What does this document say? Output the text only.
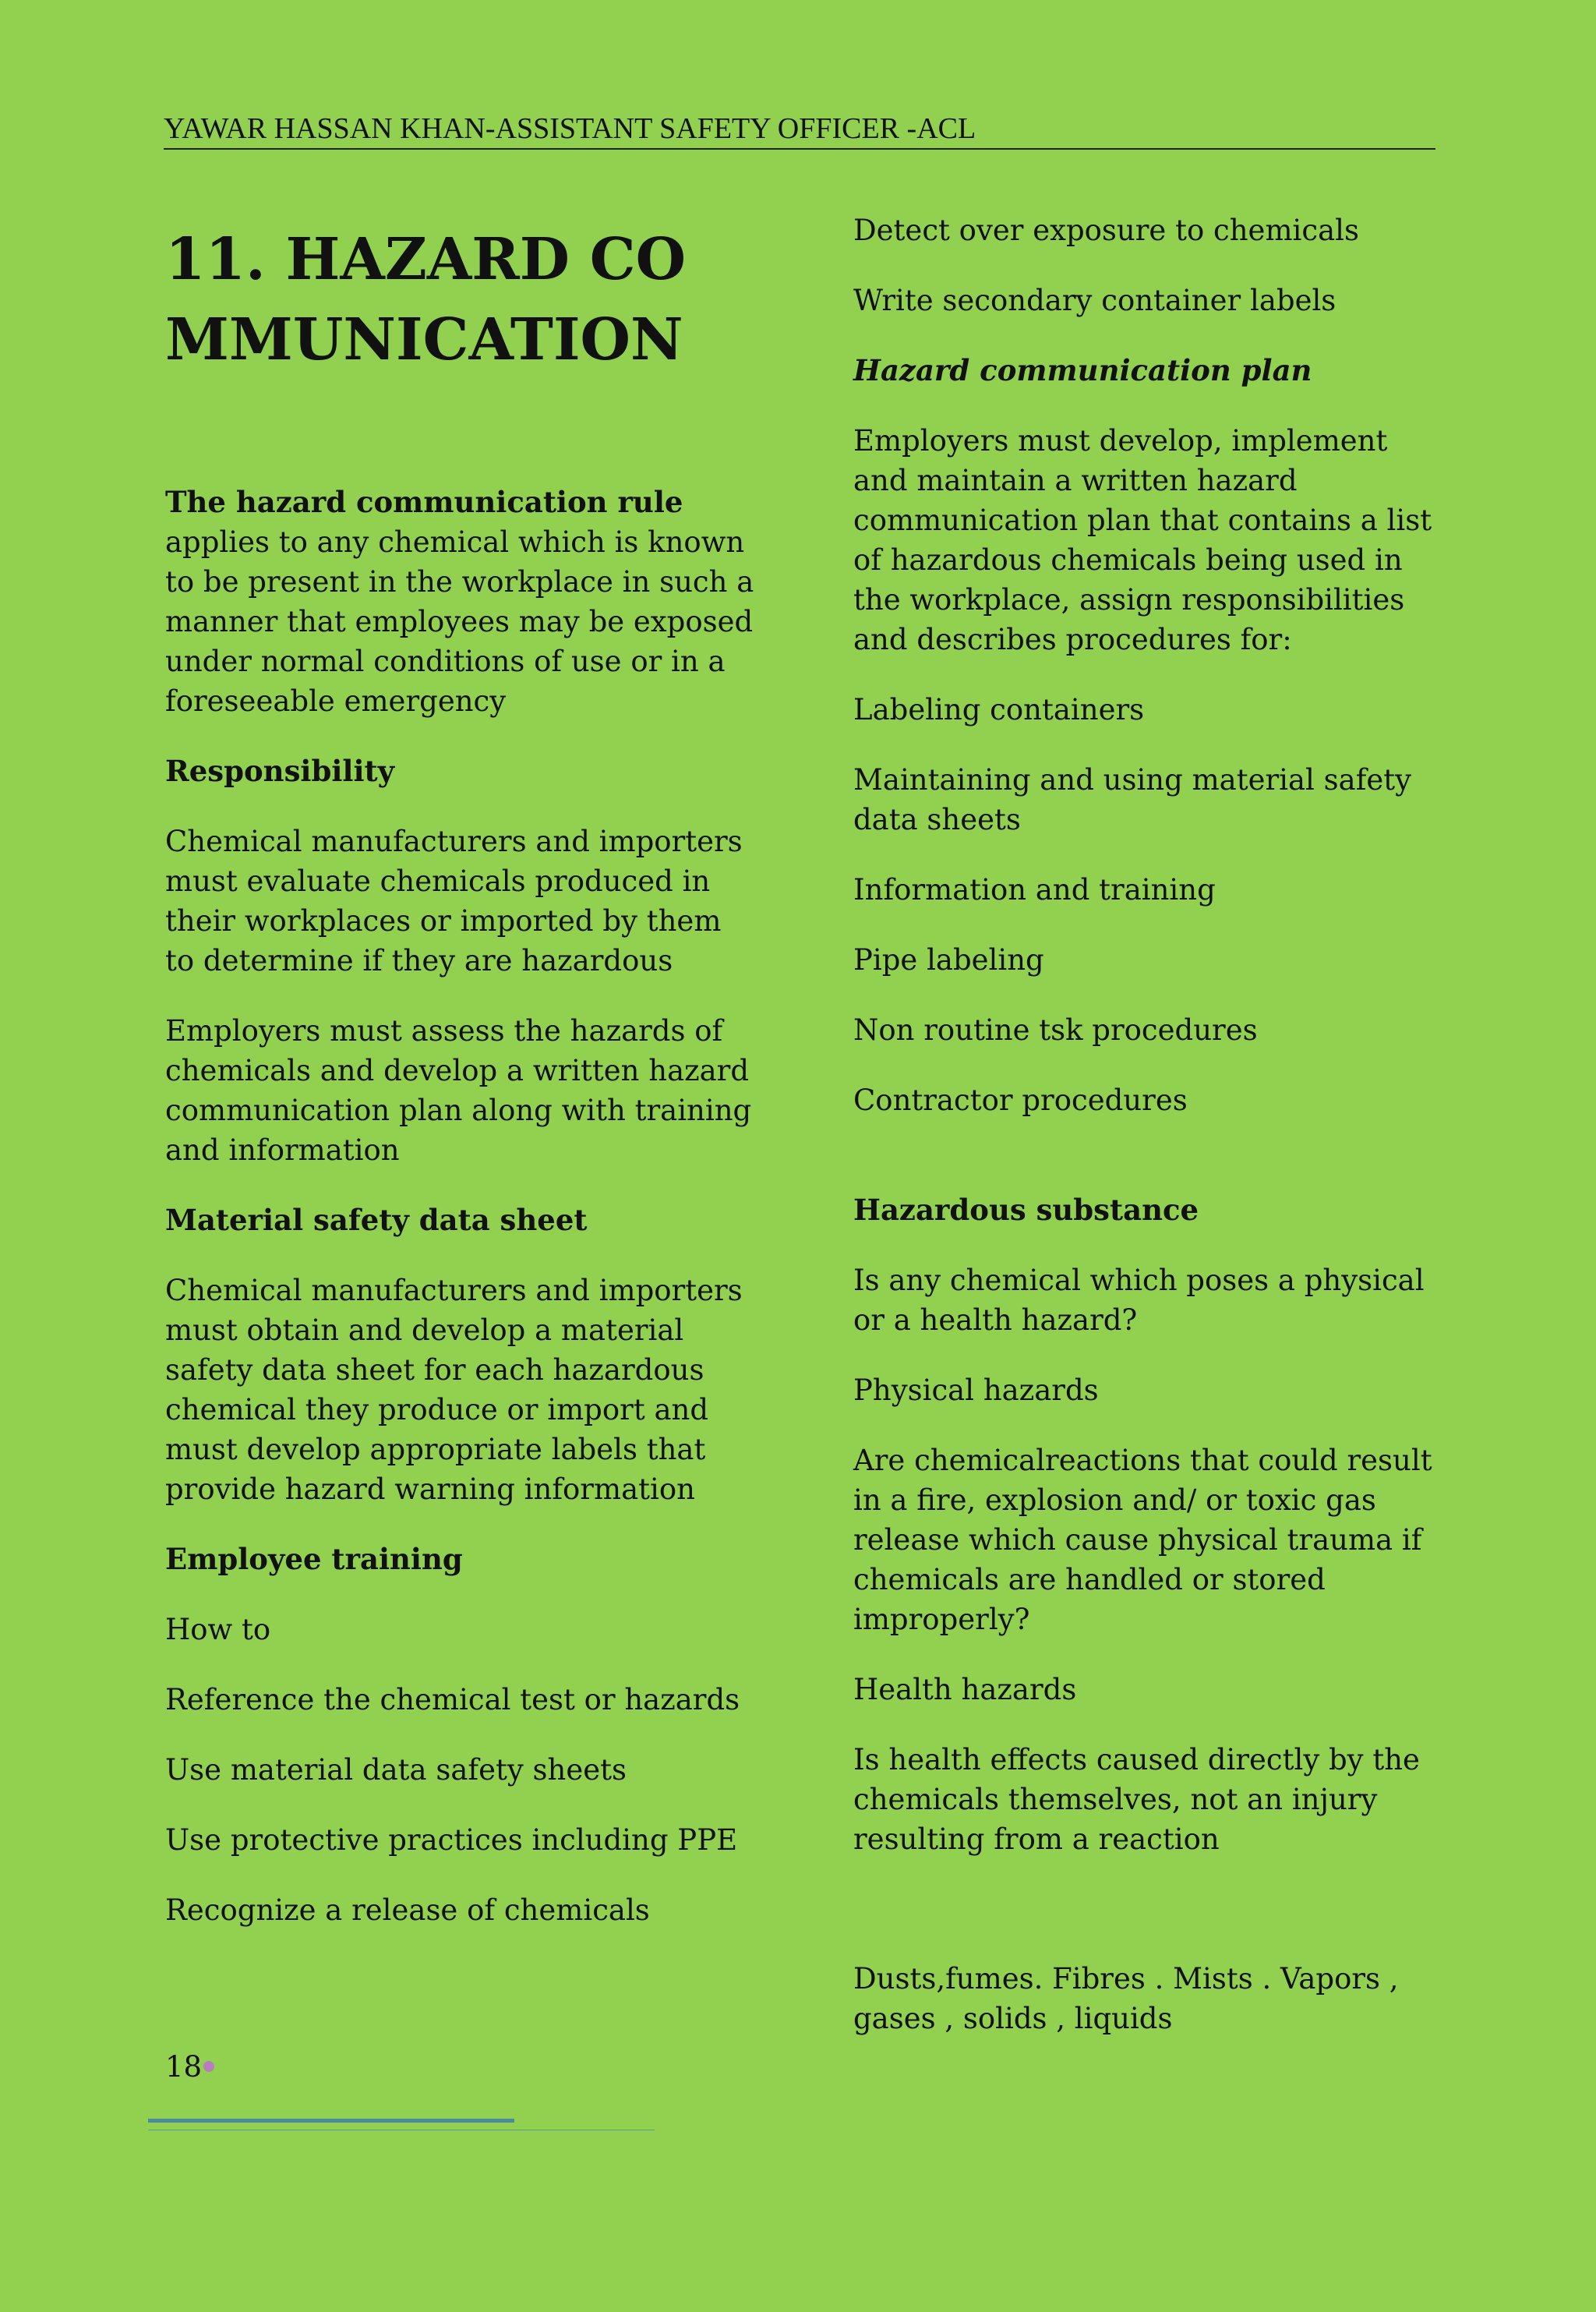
YAWAR HASSAN KHAN-ASSISTANT SAFETY OFFICER -ACL
11. HAZARD COMMUNICATION

The hazard communication rule
applies to any chemical which is known to be present in the workplace in such a manner that employees may be exposed under normal conditions of use or in a foreseeable emergency

Responsibility

Chemical manufacturers and importers must evaluate chemicals produced in their workplaces or imported by them to determine if they are hazardous

Employers must assess the hazards of chemicals and develop a written hazard communication plan along with training and information

Material safety data sheet

Chemical manufacturers and importers must obtain and develop a material safety data sheet for each hazardous chemical they produce or import and must develop appropriate labels that provide hazard warning information

Employee training

How to

Reference the chemical test or hazards

Use material data safety sheets

Use protective practices including PPE

Recognize a release of chemicals

Detect over exposure to chemicals

Write secondary container labels

Hazard communication plan

Employers must develop, implement and maintain a written hazard communication plan that contains a list of hazardous chemicals being used in the workplace, assign responsibilities and describes procedures for:

Labeling containers

Maintaining and using material safety data sheets

Information and training

Pipe labeling

Non routine tsk procedures

Contractor procedures

Hazardous substance

Is any chemical which poses a physical or a health hazard?

Physical hazards

Are chemicalreactions that could result in a fire, explosion and/ or toxic gas release which cause physical trauma if chemicals are handled or stored improperly?

Health hazards

Is health effects caused directly by the chemicals themselves, not an injury resulting from a reaction

Dusts,fumes. Fibres . Mists . Vapors , gases , solids , liquids

18
